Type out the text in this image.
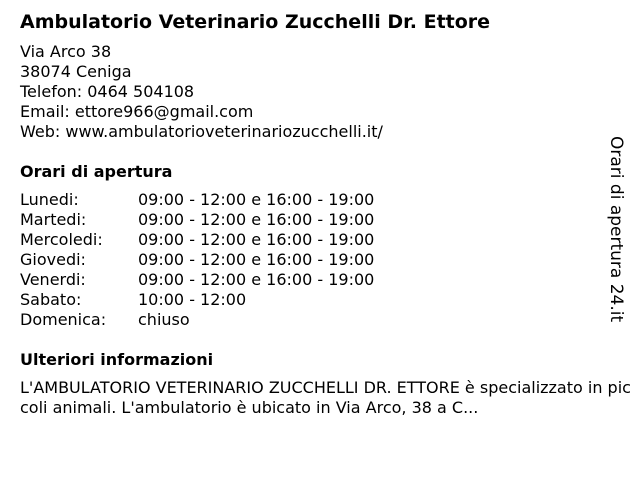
Ambulatorio Veterinario Zucchelli Dr. Ettore
Via Arco 38
38074 Ceniga
Telefon: 0464 504108
Email: ettore966@gmail.com
Web: www.ambulatorioveterinariozucchelli.it/
Orari di apertura
Lunedi:	09:00 - 12:00 e 16:00 - 19:00
Martedi:	09:00 - 12:00 e 16:00 - 19:00
Mercoledi:	09:00 - 12:00 e 16:00 - 19:00
Giovedi:	09:00 - 12:00 e 16:00 - 19:00
Venerdi:	09:00 - 12:00 e 16:00 - 19:00
Sabato:	10:00 - 12:00
Domenica:	chiuso
Ulteriori informazioni
L'AMBULATORIO VETERINARIO ZUCCHELLI DR. ETTORE è specializzato in piccoli animali. L'ambulatorio è ubicato in Via Arco, 38 a C...
Orari di apertura 24.it
